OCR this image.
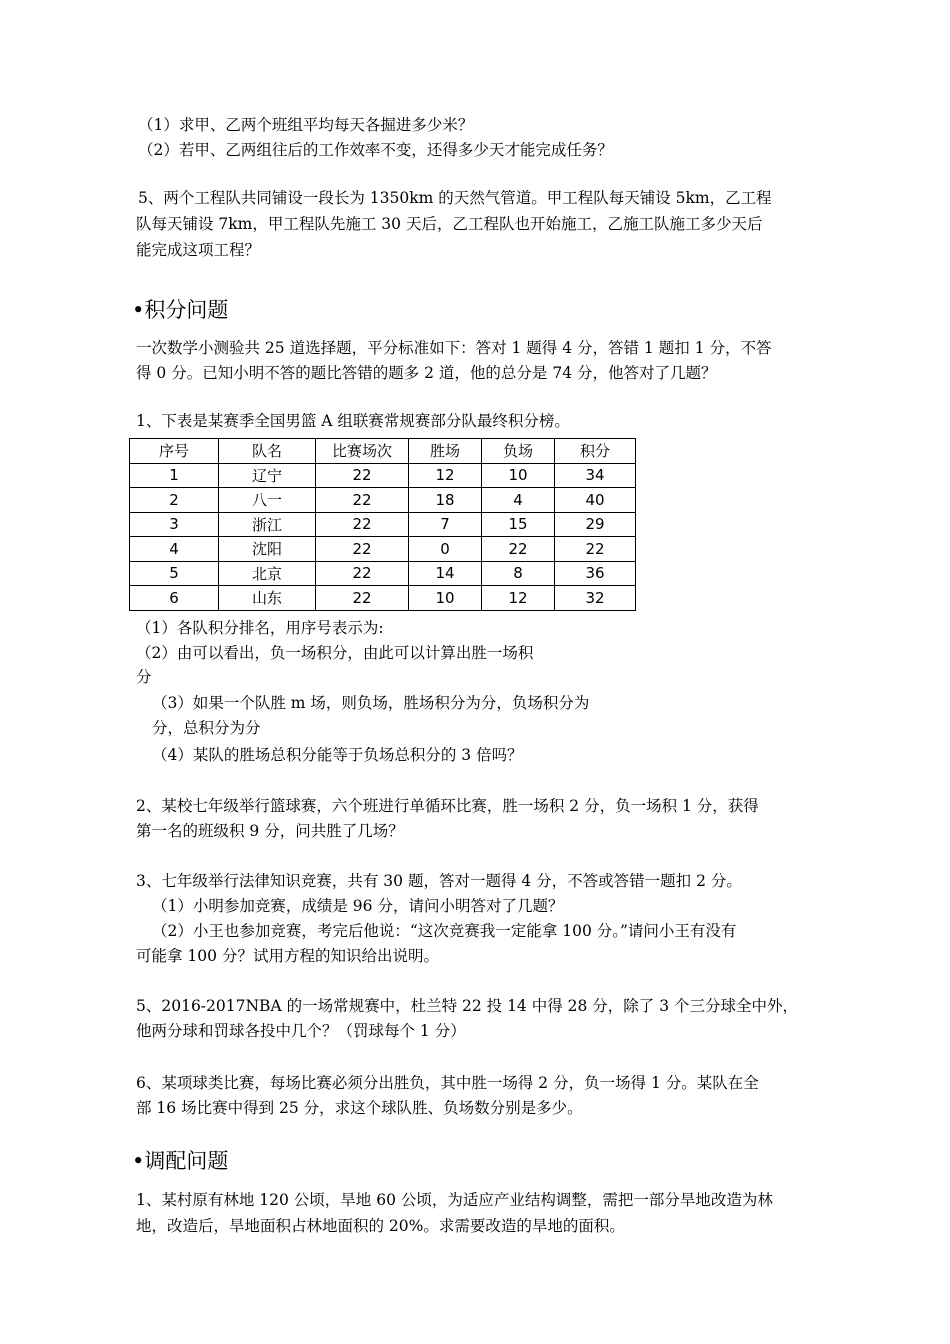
（1）求甲、乙两个班组平均每天各掘进多少米？
（2）若甲、乙两组往后的工作效率不变，还得多少天才能完成任务？
5、两个工程队共同铺设一段长为 1350km 的天然气管道。甲工程队每天铺设 5km，乙工程
队每天铺设 7km，甲工程队先施工 30 天后，乙工程队也开始施工，乙施工队施工多少天后
能完成这项工程？
•积分问题
一次数学小测验共 25 道选择题，平分标准如下：答对 1 题得 4 分，答错 1 题扣 1 分，不答
得 0 分。已知小明不答的题比答错的题多 2 道，他的总分是 74 分，他答对了几题？
1、下表是某赛季全国男篮 A 组联赛常规赛部分队最终积分榜。
序号	队名	比赛场次	胜场	负场	积分
1	辽宁	22	12	10	34
2	八一	22	18	4	40
3	浙江	22	7	15	29
4	沈阳	22	0	22	22
5	北京	22	14	8	36
6	山东	22	10	12	32
（1）各队积分排名，用序号表示为:
（2）由可以看出，负一场积分，由此可以计算出胜一场积
分
（3）如果一个队胜 m 场，则负场，胜场积分为分，负场积分为
分，总积分为分
（4）某队的胜场总积分能等于负场总积分的 3 倍吗？
2、某校七年级举行篮球赛，六个班进行单循环比赛，胜一场积 2 分，负一场积 1 分，获得
第一名的班级积 9 分，问共胜了几场？
3、七年级举行法律知识竞赛，共有 30 题，答对一题得 4 分，不答或答错一题扣 2 分。
（1）小明参加竞赛，成绩是 96 分，请问小明答对了几题？
（2）小王也参加竞赛，考完后他说：“这次竞赛我一定能拿 100 分。”请问小王有没有
可能拿 100 分？试用方程的知识给出说明。
5、2016-2017NBA 的一场常规赛中，杜兰特 22 投 14 中得 28 分，除了 3 个三分球全中外，
他两分球和罚球各投中几个？（罚球每个 1 分）
6、某项球类比赛，每场比赛必须分出胜负，其中胜一场得 2 分，负一场得 1 分。某队在全
部 16 场比赛中得到 25 分，求这个球队胜、负场数分别是多少。
•调配问题
1、某村原有林地 120 公顷，旱地 60 公顷，为适应产业结构调整，需把一部分旱地改造为林
地，改造后，旱地面积占林地面积的 20%。求需要改造的旱地的面积。
